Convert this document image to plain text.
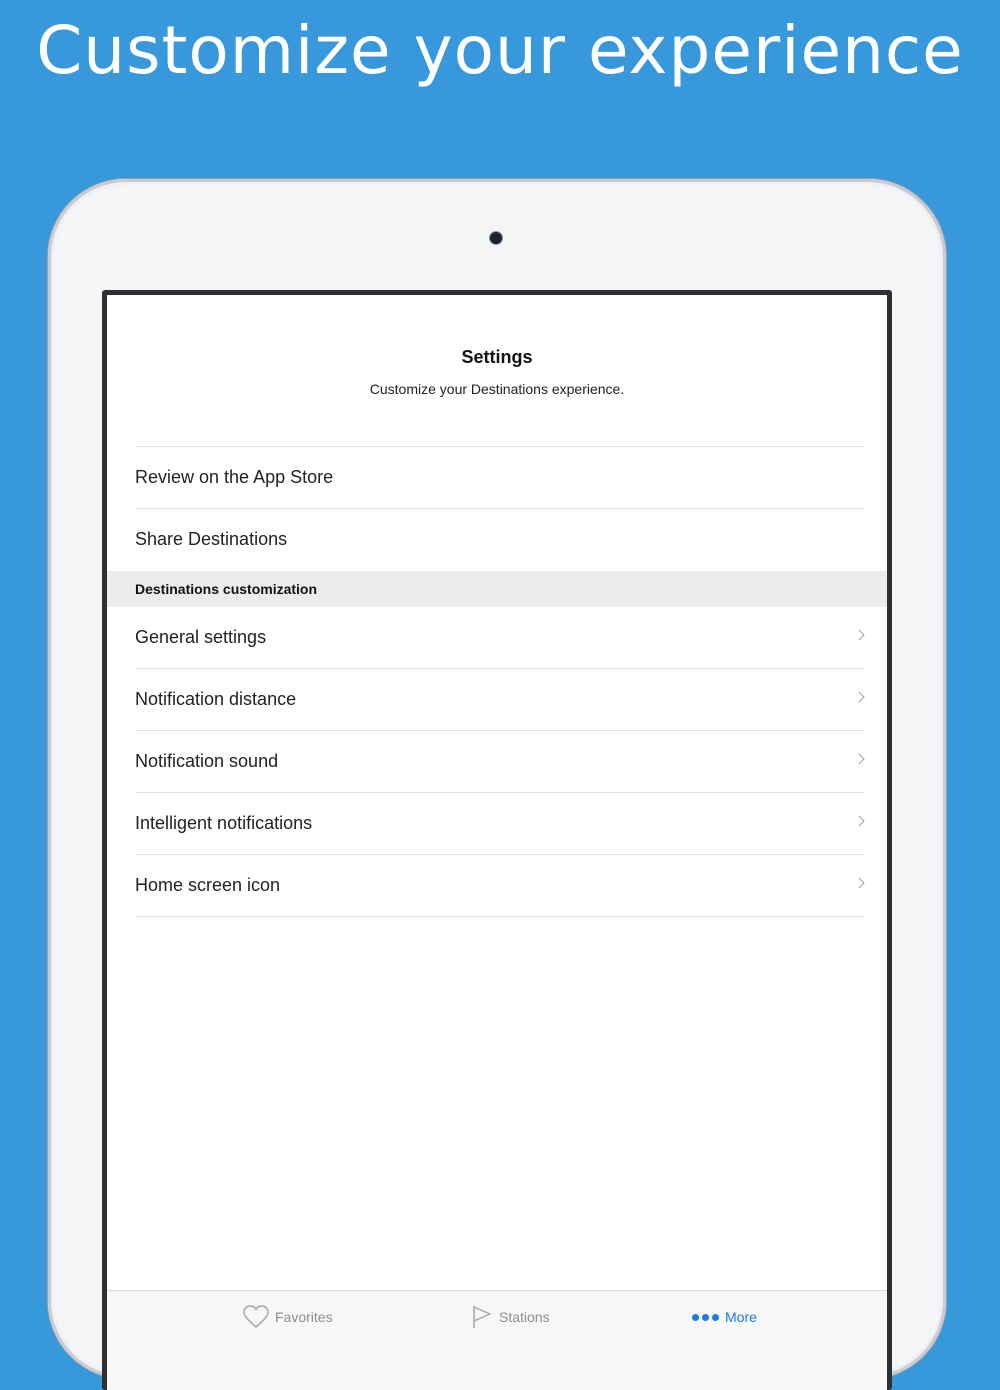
Customize your experience
Settings
Customize your Destinations experience.
Review on the App Store
Share Destinations
Destinations customization
General settings
Notification distance
Notification sound
Intelligent notifications
Home screen icon
Favorites	Stations	More
